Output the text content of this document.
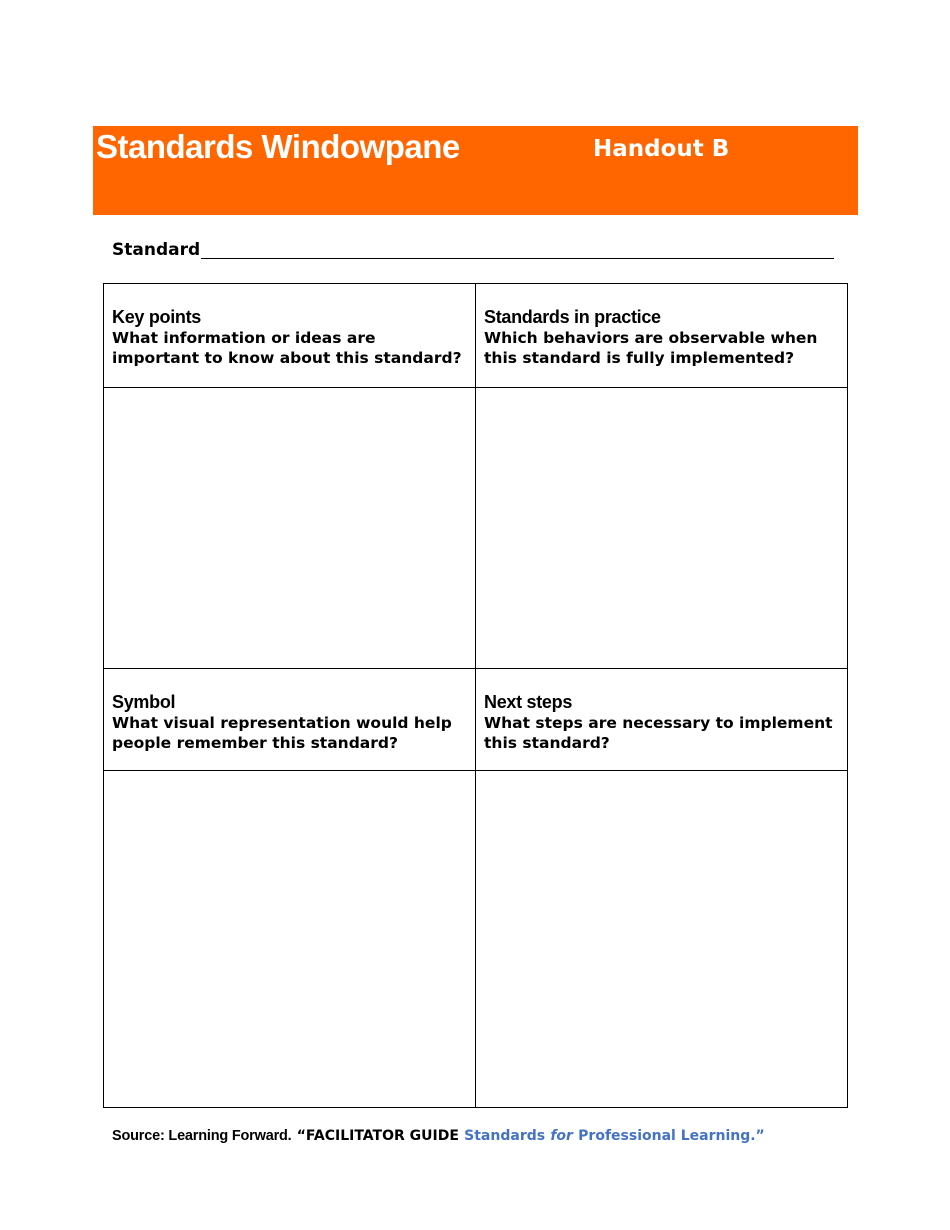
Standards Windowpane	Handout B
Standard

Key points

What information or ideas are important to know about this standard?

Standards in practice

Which behaviors are observable when this standard is fully implemented?

Symbol

What visual representation would help people remember this standard?

Next steps

What steps are necessary to implement this standard?

Source: Learning Forward. “FACILITATOR GUIDE Standards for Professional Learning.”
